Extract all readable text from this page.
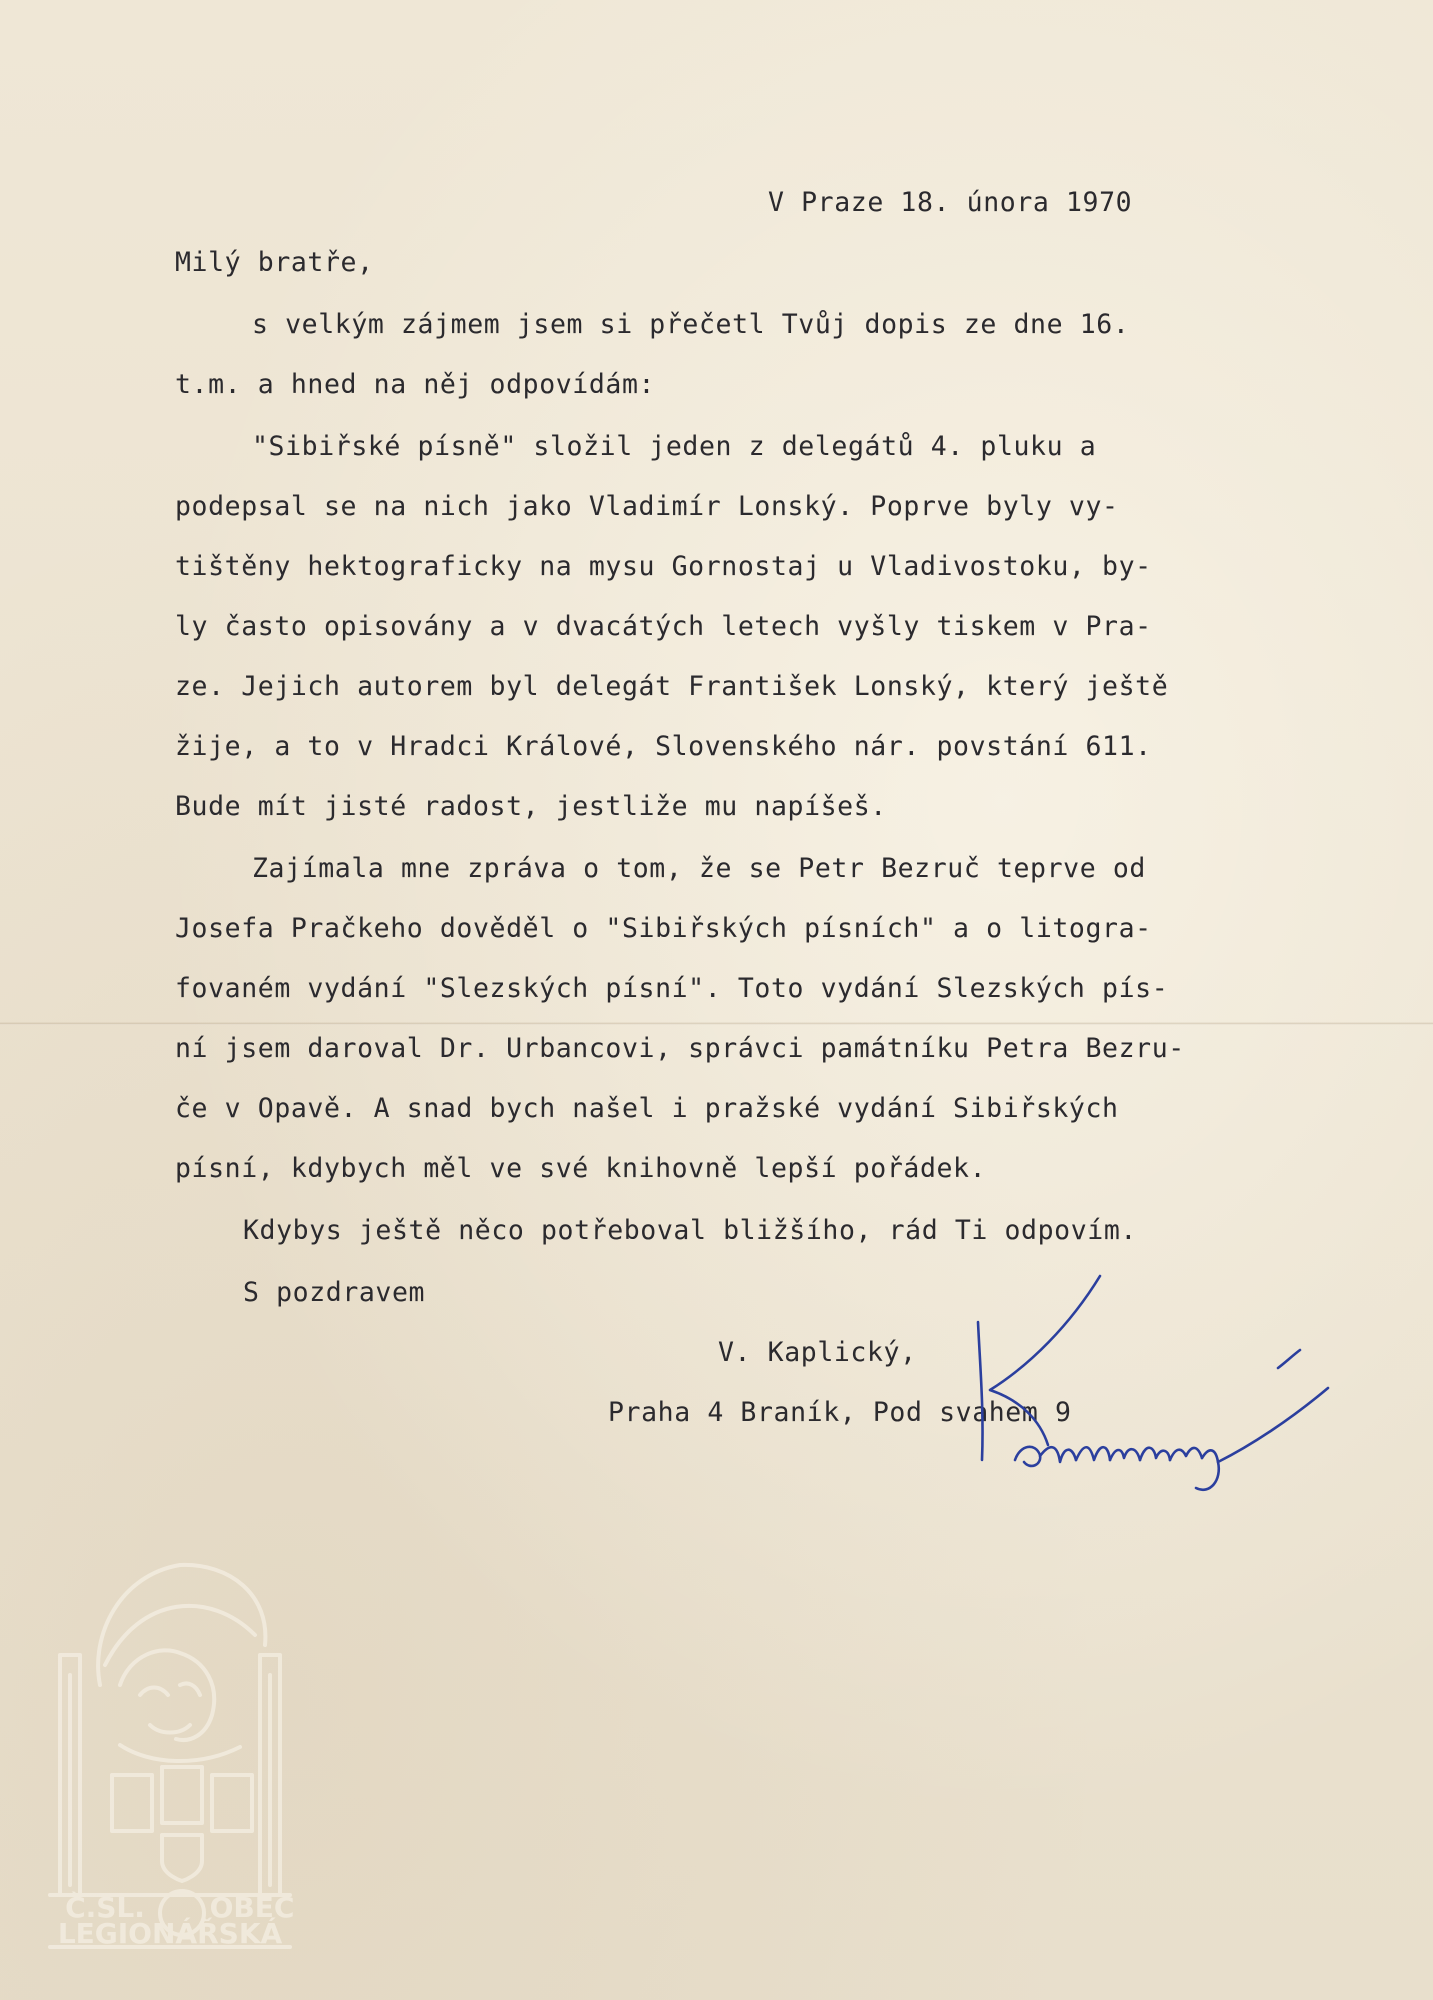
V Praze 18. února 1970
Milý bratře,
s velkým zájmem jsem si přečetl Tvůj dopis ze dne 16.
t.m. a hned na něj odpovídám:
"Sibiřské písně" složil jeden z delegátů 4. pluku a
podepsal se na nich jako Vladimír Lonský. Poprve byly vy-
tištěny hektograficky na mysu Gornostaj u Vladivostoku, by-
ly často opisovány a v dvacátých letech vyšly tiskem v Pra-
ze. Jejich autorem byl delegát František Lonský, který ještě
žije, a to v Hradci Králové, Slovenského nár. povstání 611.
Bude mít jisté radost, jestliže mu napíšeš.
Zajímala mne zpráva o tom, že se Petr Bezruč teprve od
Josefa Pračkeho dověděl o "Sibiřských písních" a o litogra-
fovaném vydání "Slezských písní". Toto vydání Slezských pís-
ní jsem daroval Dr. Urbancovi, správci památníku Petra Bezru-
če v Opavě. A snad bych našel i pražské vydání Sibiřských
písní, kdybych měl ve své knihovně lepší pořádek.
Kdybys ještě něco potřeboval bližšího, rád Ti odpovím.
S pozdravem
V. Kaplický,
Praha 4 Braník, Pod svahem 9
Č.SL. OBEC
LEGIONÁŘSKÁ
